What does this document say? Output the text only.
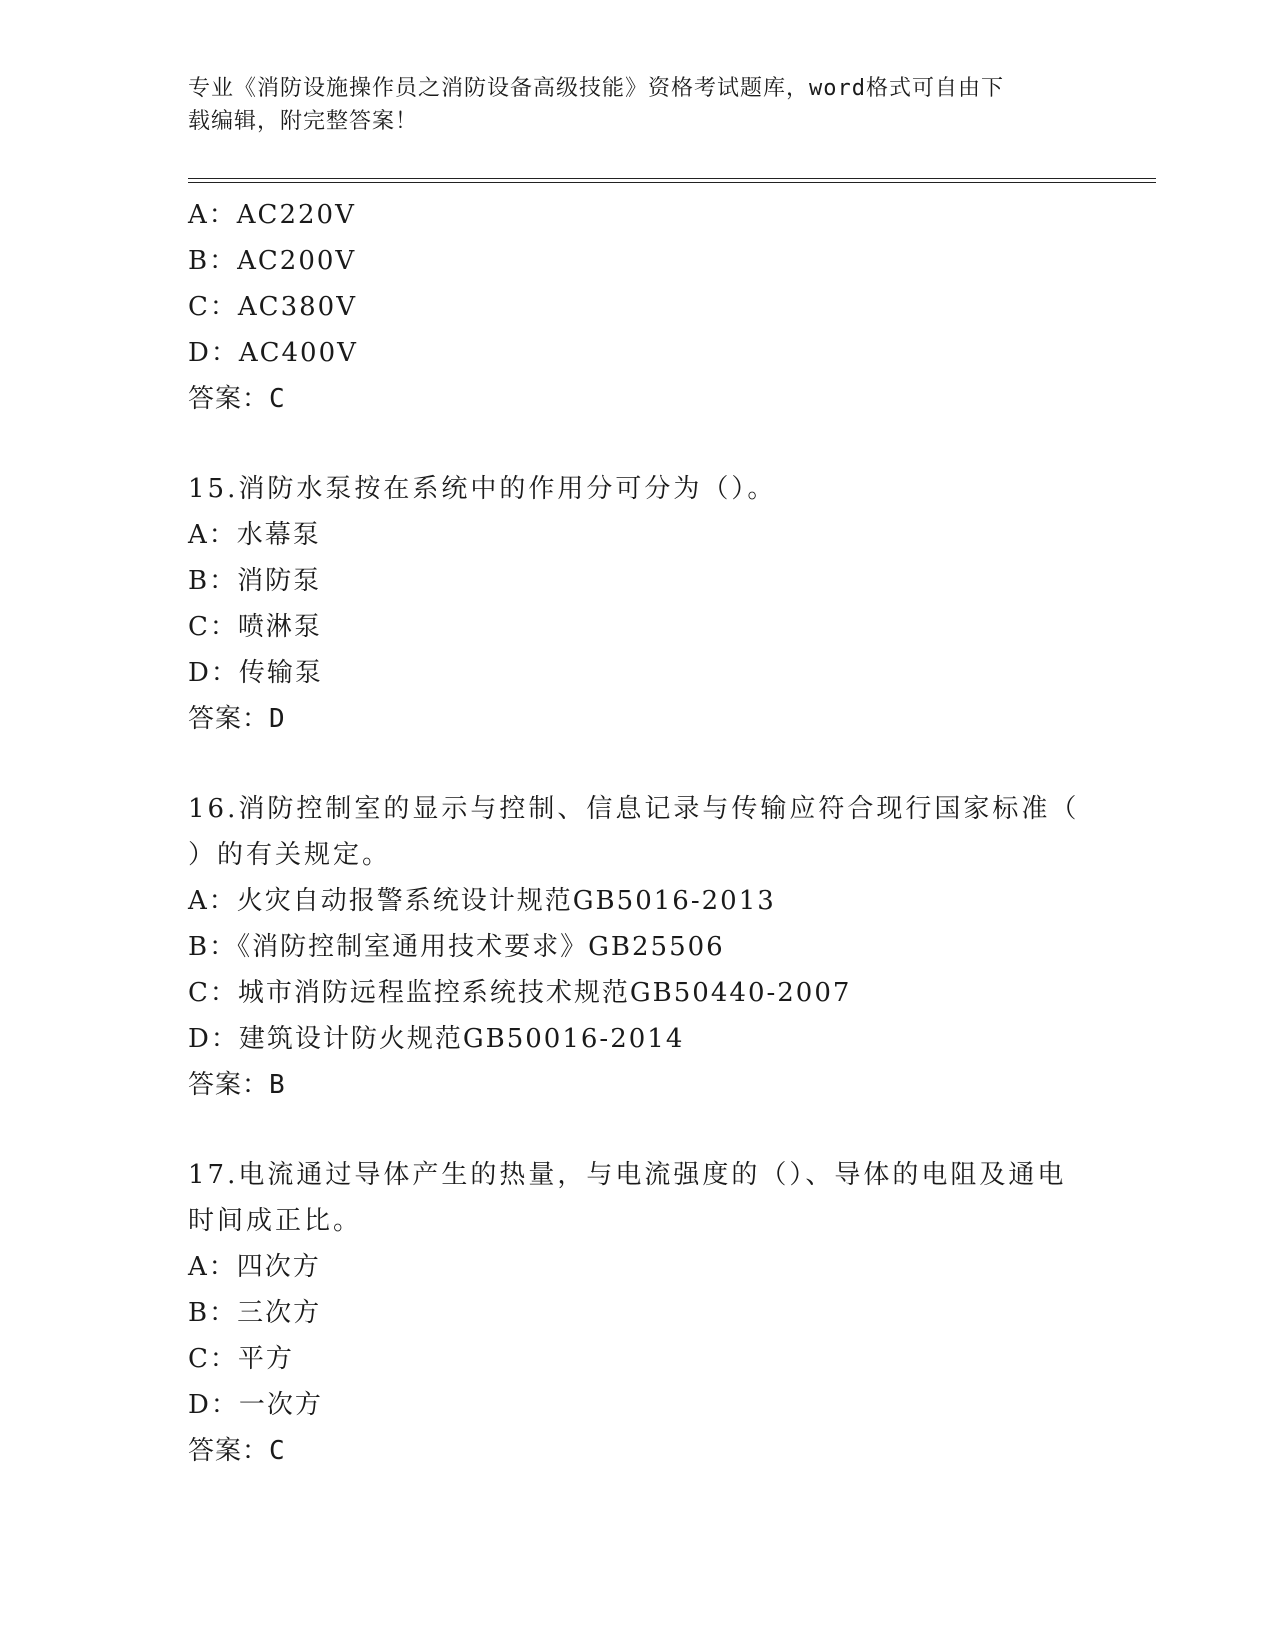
专业《消防设施操作员之消防设备高级技能》资格考试题库，word格式可自由下
载编辑，附完整答案！
A：AC220V
B：AC200V
C：AC380V
D：AC400V
答案：C
15.消防水泵按在系统中的作用分可分为（）。
A：水幕泵
B：消防泵
C：喷淋泵
D：传输泵
答案：D
16.消防控制室的显示与控制、信息记录与传输应符合现行国家标准（
）的有关规定。
A：火灾自动报警系统设计规范GB5016-2013
B：《消防控制室通用技术要求》GB25506
C：城市消防远程监控系统技术规范GB50440-2007
D：建筑设计防火规范GB50016-2014
答案：B
17.电流通过导体产生的热量，与电流强度的（）、导体的电阻及通电
时间成正比。
A：四次方
B：三次方
C：平方
D：一次方
答案：C
